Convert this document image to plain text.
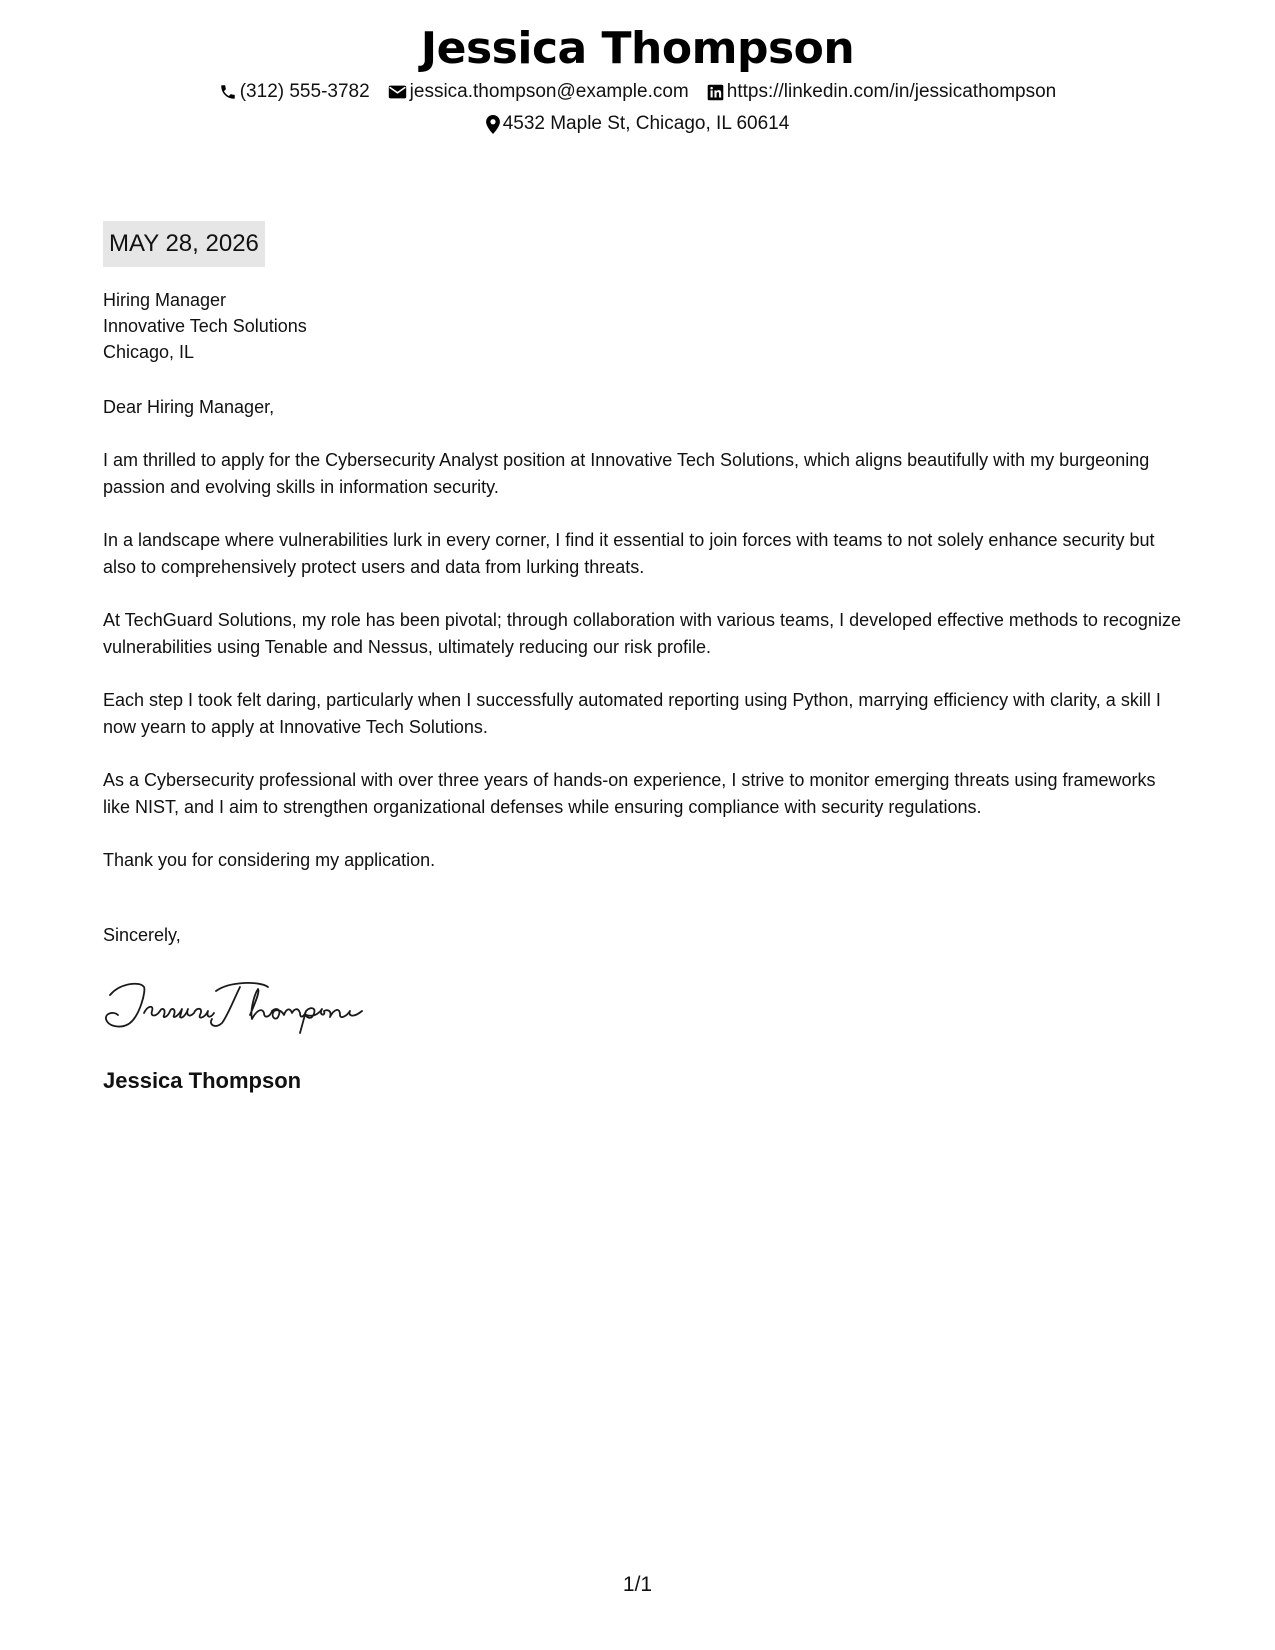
Jessica Thompson
(312) 555-3782 jessica.thompson@example.com https://linkedin.com/in/jessicathompson
4532 Maple St, Chicago, IL 60614
MAY 28, 2026
Hiring Manager
Innovative Tech Solutions
Chicago, IL

Dear Hiring Manager,

I am thrilled to apply for the Cybersecurity Analyst position at Innovative Tech Solutions, which aligns beautifully with my burgeoning passion and evolving skills in information security.

In a landscape where vulnerabilities lurk in every corner, I find it essential to join forces with teams to not solely enhance security but also to comprehensively protect users and data from lurking threats.

At TechGuard Solutions, my role has been pivotal; through collaboration with various teams, I developed effective methods to recognize vulnerabilities using Tenable and Nessus, ultimately reducing our risk profile.

Each step I took felt daring, particularly when I successfully automated reporting using Python, marrying efficiency with clarity, a skill I now yearn to apply at Innovative Tech Solutions.

As a Cybersecurity professional with over three years of hands-on experience, I strive to monitor emerging threats using frameworks like NIST, and I aim to strengthen organizational defenses while ensuring compliance with security regulations.

Thank you for considering my application.

Sincerely,
Jessica Thompson
1/1
